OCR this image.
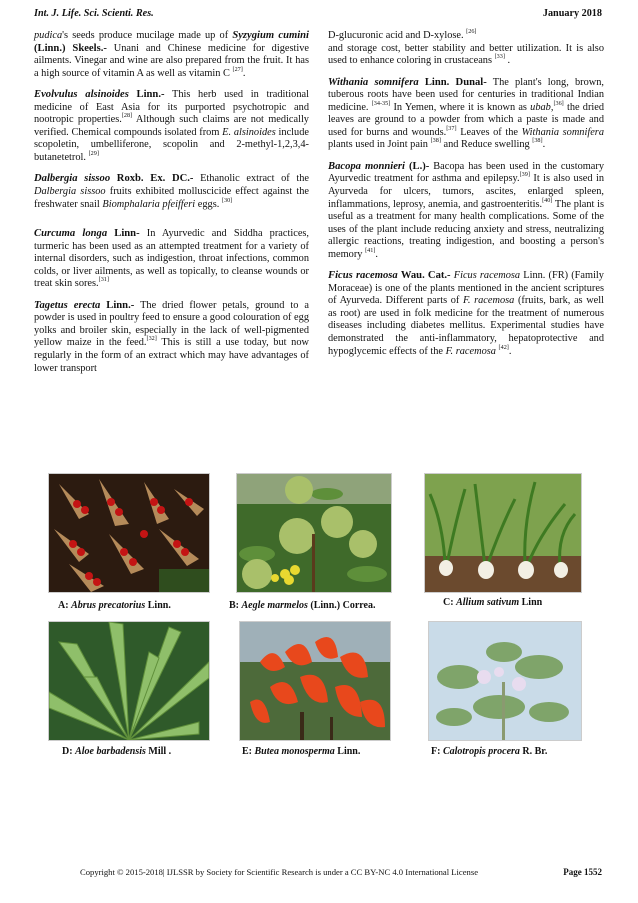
Int. J. Life. Sci. Scienti. Res.	January 2018

pudica's seeds produce mucilage made up of Syzygium cumini (Linn.) Skeels.- Unani and Chinese medicine for digestive ailments. Vinegar and wine are also prepared from the fruit. It has a high source of vitamin A as well as vitamin C [27].

Evolvulus alsinoides Linn.- This herb used in traditional medicine of East Asia for its purported psychotropic and nootropic properties.[28] Although such claims are not medically verified. Chemical compounds isolated from E. alsinoides include scopoletin, umbelliferone, scopolin and 2-methyl-1,2,3,4-butanetetrol. [29]

Dalbergia sissoo Roxb. Ex. DC.- Ethanolic extract of the Dalbergia sissoo fruits exhibited molluscicide effect against the freshwater snail Biomphalaria pfeifferi eggs. [30]

Curcuma longa Linn- In Ayurvedic and Siddha practices, turmeric has been used as an attempted treatment for a variety of internal disorders, such as indigestion, throat infections, common colds, or liver ailments, as well as topically, to cleanse wounds or treat skin sores.[31]

Tagetus erecta Linn.- The dried flower petals, ground to a powder is used in poultry feed to ensure a good colouration of egg yolks and broiler skin, especially in the lack of well-pigmented yellow maize in the feed.[32] This is still a use today, but now regularly in the form of an extract which may have advantages of lower transport

D-glucuronic acid and D-xylose. [26]
and storage cost, better stability and better utilization. It is also used to enhance coloring in crustaceans [33] .

Withania somnifera Linn. Dunal- The plant's long, brown, tuberous roots have been used for centuries in traditional Indian medicine. [34-35] In Yemen, where it is known as ubab,[36] the dried leaves are ground to a powder from which a paste is made and used for burns and wounds.[37] Leaves of the Withania somnifera plants used in Joint pain [38] and Reduce swelling [38].

Bacopa monnieri (L.)- Bacopa has been used in the customary Ayurvedic treatment for asthma and epilepsy.[39] It is also used in Ayurveda for ulcers, tumors, ascites, enlarged spleen, inflammations, leprosy, anemia, and gastroenteritis.[40] The plant is useful as a treatment for many health complications. Some of the uses of the plant include reducing anxiety and stress, neutralizing allergic reactions, treating indigestion, and boosting a person's memory [41].

Ficus racemosa Wau. Cat.- Ficus racemosa Linn. (FR) (Family Moraceae) is one of the plants mentioned in the ancient scriptures of Ayurveda. Different parts of F. racemosa (fruits, bark, as well as root) are used in folk medicine for the treatment of numerous diseases including diabetes mellitus. Experimental studies have demonstrated the anti-inflammatory, hepatoprotective and hypoglycemic effects of the F. racemosa [42].

A: Abrus precatorius Linn.	B: Aegle marmelos (Linn.) Correa.	C: Allium sativum Linn
D: Aloe barbadensis Mill .	E: Butea monosperma Linn.	F: Calotropis procera R. Br.
Copyright © 2015-2018| IJLSSR by Society for Scientific Research is under a CC BY-NC 4.0 International License	Page 1552
